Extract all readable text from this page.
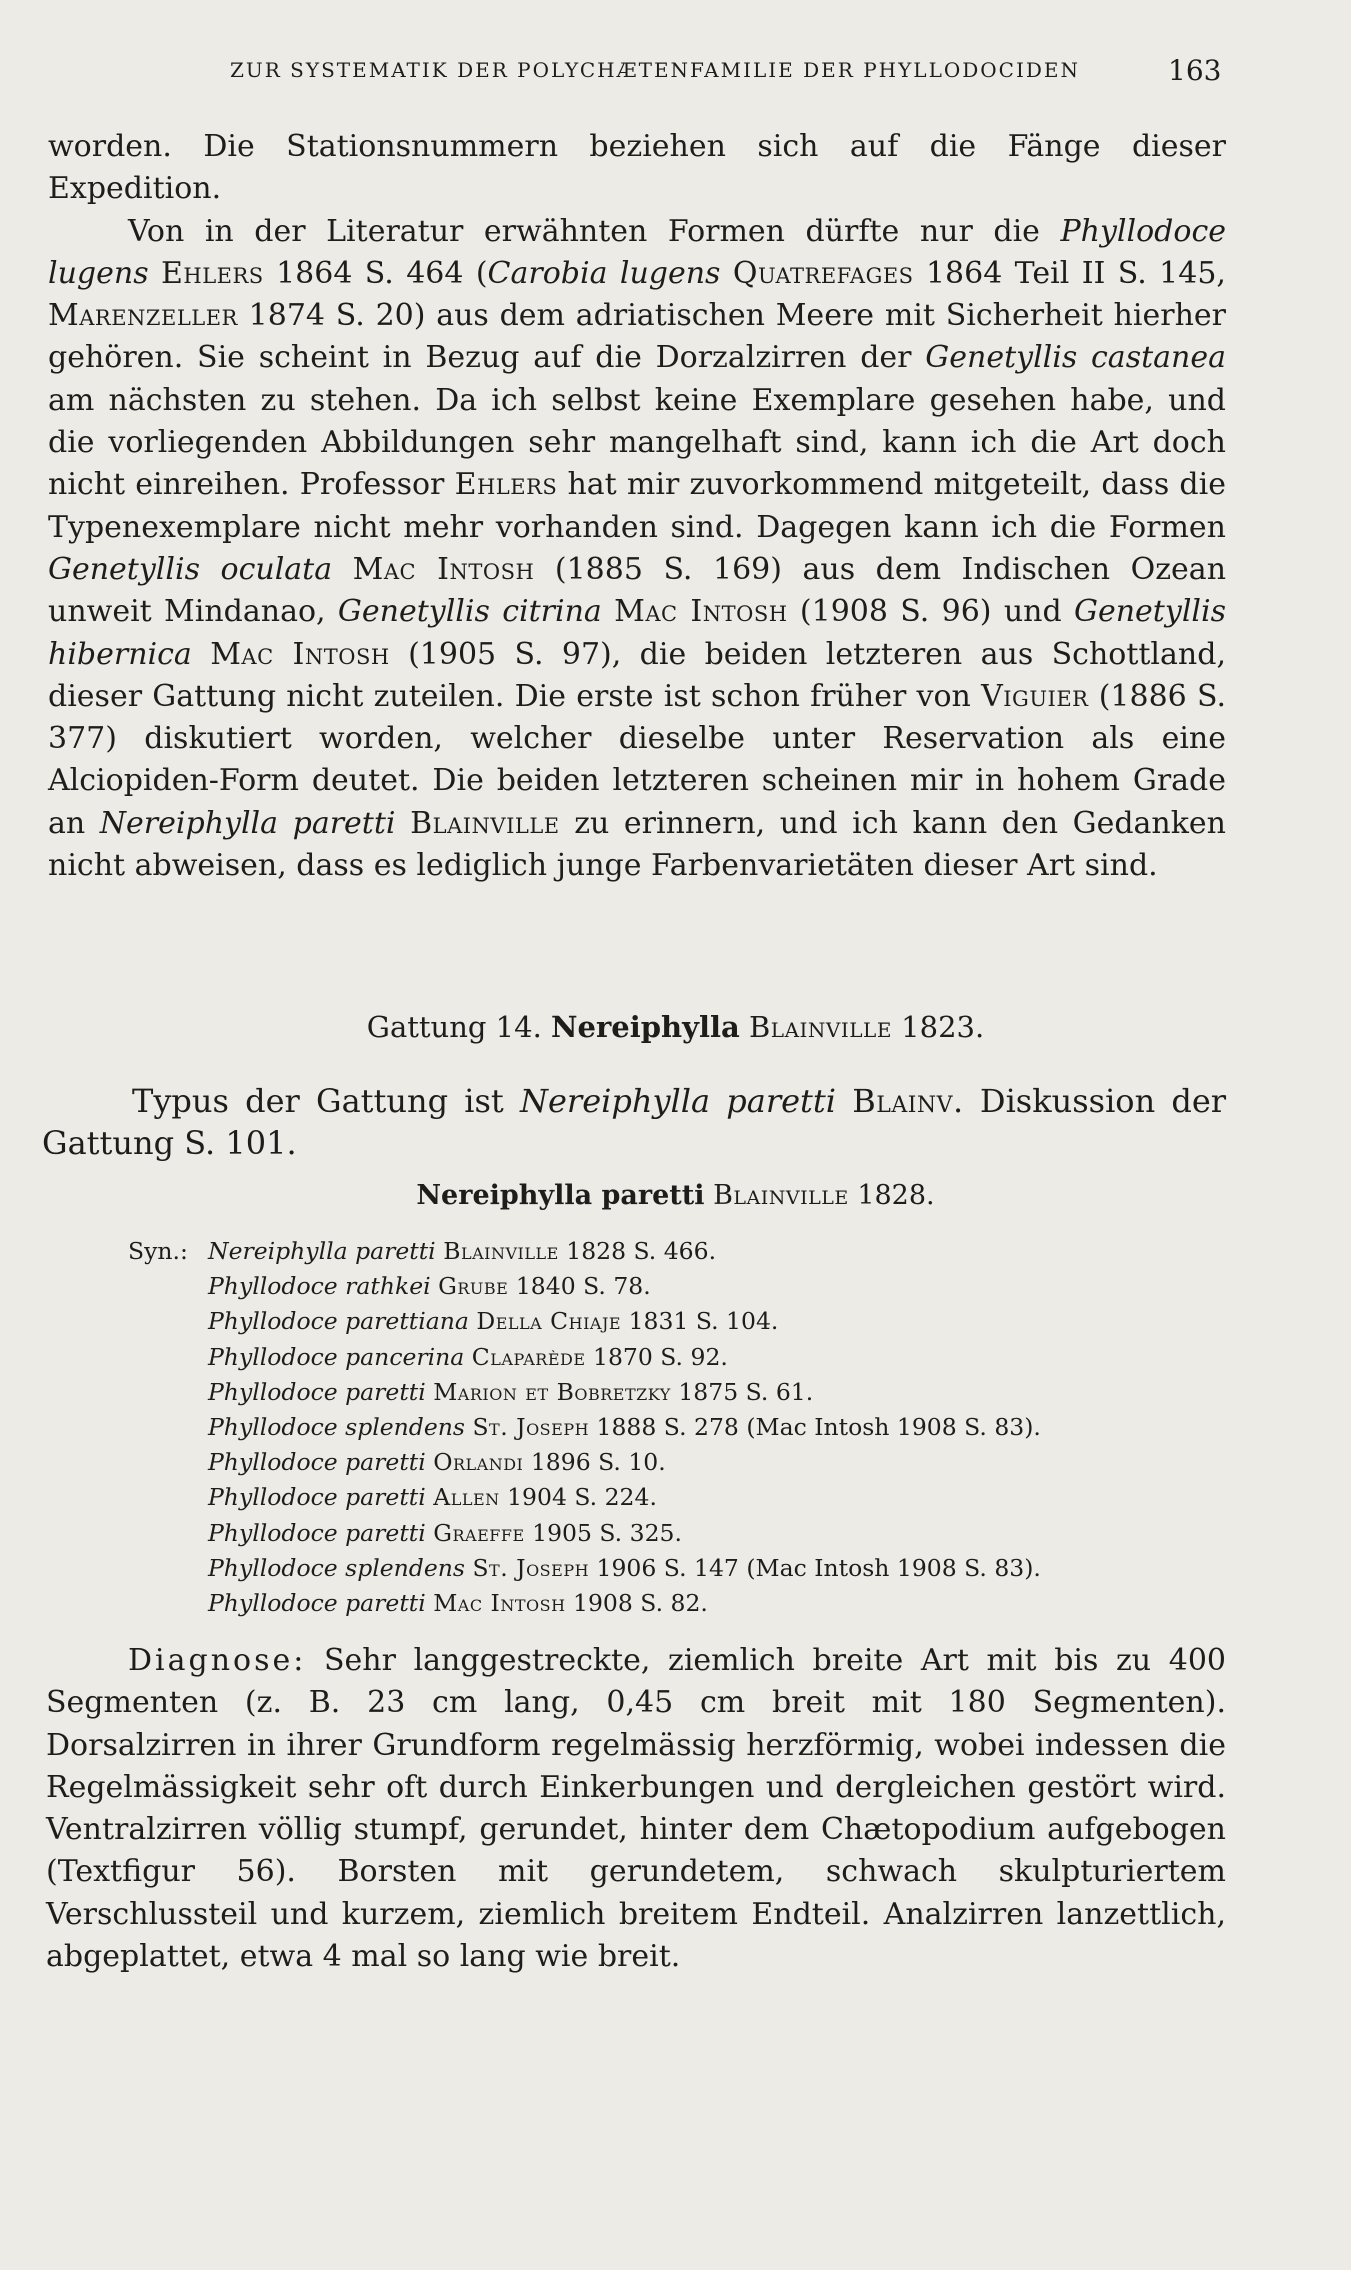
ZUR SYSTEMATIK DER POLYCHÆTENFAMILIE DER PHYLLODOCIDEN	163

worden. Die Stationsnummern beziehen sich auf die Fänge dieser Expedition.

Von in der Literatur erwähnten Formen dürfte nur die Phyllodoce lugens Ehlers 1864 S. 464 (Carobia lugens Quatrefages 1864 Teil II S. 145, Marenzeller 1874 S. 20) aus dem adriatischen Meere mit Sicherheit hierher gehören. Sie scheint in Bezug auf die Dorzalzirren der Genetyllis castanea am nächsten zu stehen. Da ich selbst keine Exemplare gesehen habe, und die vorliegenden Abbildungen sehr mangelhaft sind, kann ich die Art doch nicht einreihen. Professor Ehlers hat mir zuvorkommend mitgeteilt, dass die Typenexemplare nicht mehr vorhanden sind. Dagegen kann ich die Formen Genetyllis oculata Mac Intosh (1885 S. 169) aus dem Indischen Ozean unweit Mindanao, Genetyllis citrina Mac Intosh (1908 S. 96) und Genetyllis hibernica Mac Intosh (1905 S. 97), die beiden letzteren aus Schottland, dieser Gattung nicht zuteilen. Die erste ist schon früher von Viguier (1886 S. 377) diskutiert worden, welcher dieselbe unter Reservation als eine Alciopiden-Form deutet. Die beiden letzteren scheinen mir in hohem Grade an Nereiphylla paretti Blainville zu erinnern, und ich kann den Gedanken nicht abweisen, dass es lediglich junge Farbenvarietäten dieser Art sind.

Gattung 14. Nereiphylla Blainville 1823.
Typus der Gattung ist Nereiphylla paretti Blainv. Diskussion der Gattung S. 101.
Nereiphylla paretti Blainville 1828.
Syn.: Nereiphylla paretti Blainville 1828 S. 466.
Phyllodoce rathkei Grube 1840 S. 78.
Phyllodoce parettiana Della Chiaje 1831 S. 104.
Phyllodoce pancerina Claparède 1870 S. 92.
Phyllodoce paretti Marion et Bobretzky 1875 S. 61.
Phyllodoce splendens St. Joseph 1888 S. 278 (Mac Intosh 1908 S. 83).
Phyllodoce paretti Orlandi 1896 S. 10.
Phyllodoce paretti Allen 1904 S. 224.
Phyllodoce paretti Graeffe 1905 S. 325.
Phyllodoce splendens St. Joseph 1906 S. 147 (Mac Intosh 1908 S. 83).
Phyllodoce paretti Mac Intosh 1908 S. 82.
Diagnose: Sehr langgestreckte, ziemlich breite Art mit bis zu 400 Segmenten (z. B. 23 cm lang, 0,45 cm breit mit 180 Segmenten). Dorsalzirren in ihrer Grundform regelmässig herzförmig, wobei indessen die Regelmässigkeit sehr oft durch Einkerbungen und dergleichen gestört wird. Ventralzirren völlig stumpf, gerundet, hinter dem Chætopodium aufgebogen (Textfigur 56). Borsten mit gerundetem, schwach skulpturiertem Verschlussteil und kurzem, ziemlich breitem Endteil. Analzirren lanzettlich, abgeplattet, etwa 4 mal so lang wie breit.
